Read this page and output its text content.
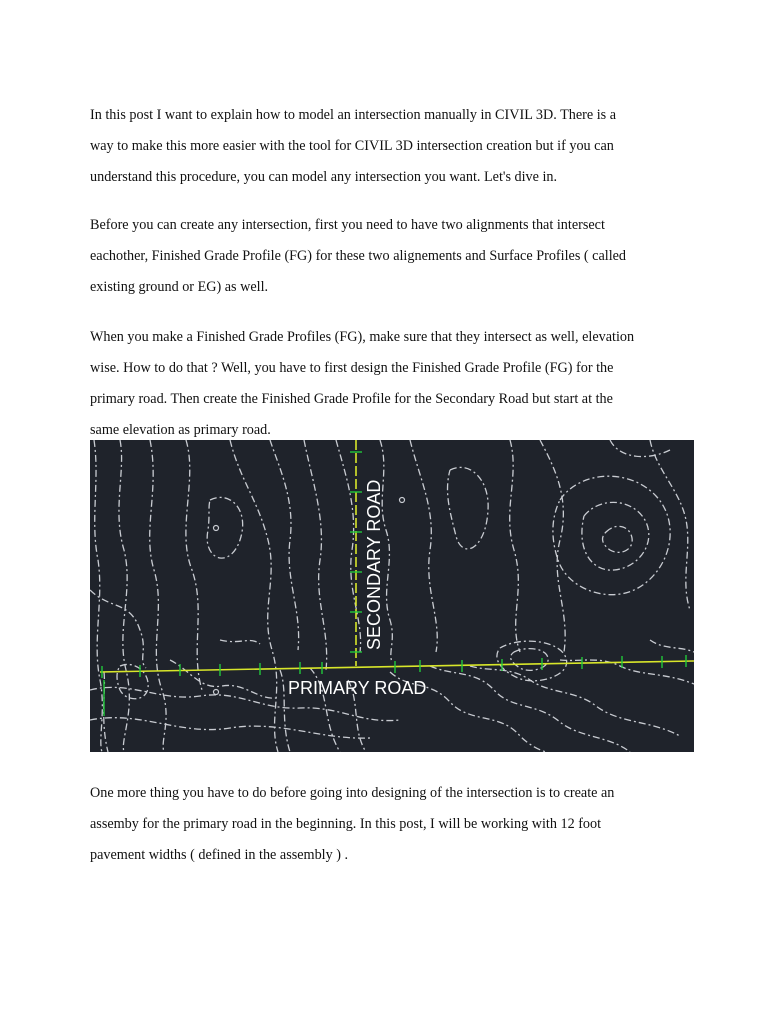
In this post I want to explain how to model an intersection manually in CIVIL 3D. There is a
way to make this more easier with the tool for CIVIL 3D intersection creation but if you can
understand this procedure, you can model any intersection you want. Let's dive in.

Before you can create any intersection, first you need to have two alignments that intersect
eachother, Finished Grade Profile (FG) for these two alignements and Surface Profiles ( called
existing ground or EG) as well.

When you make a Finished Grade Profiles (FG), make sure that they intersect as well, elevation
wise. How to do that ? Well, you have to first design the Finished Grade Profile (FG) for the
primary road. Then create the Finished Grade Profile for the Secondary Road but start at the
same elevation as primary road.

PRIMARY ROAD
SECONDARY ROAD

One more thing you have to do before going into designing of the intersection is to create an
assemby for the primary road in the beginning. In this post, I will be working with 12 foot
pavement widths ( defined in the assembly ) .
